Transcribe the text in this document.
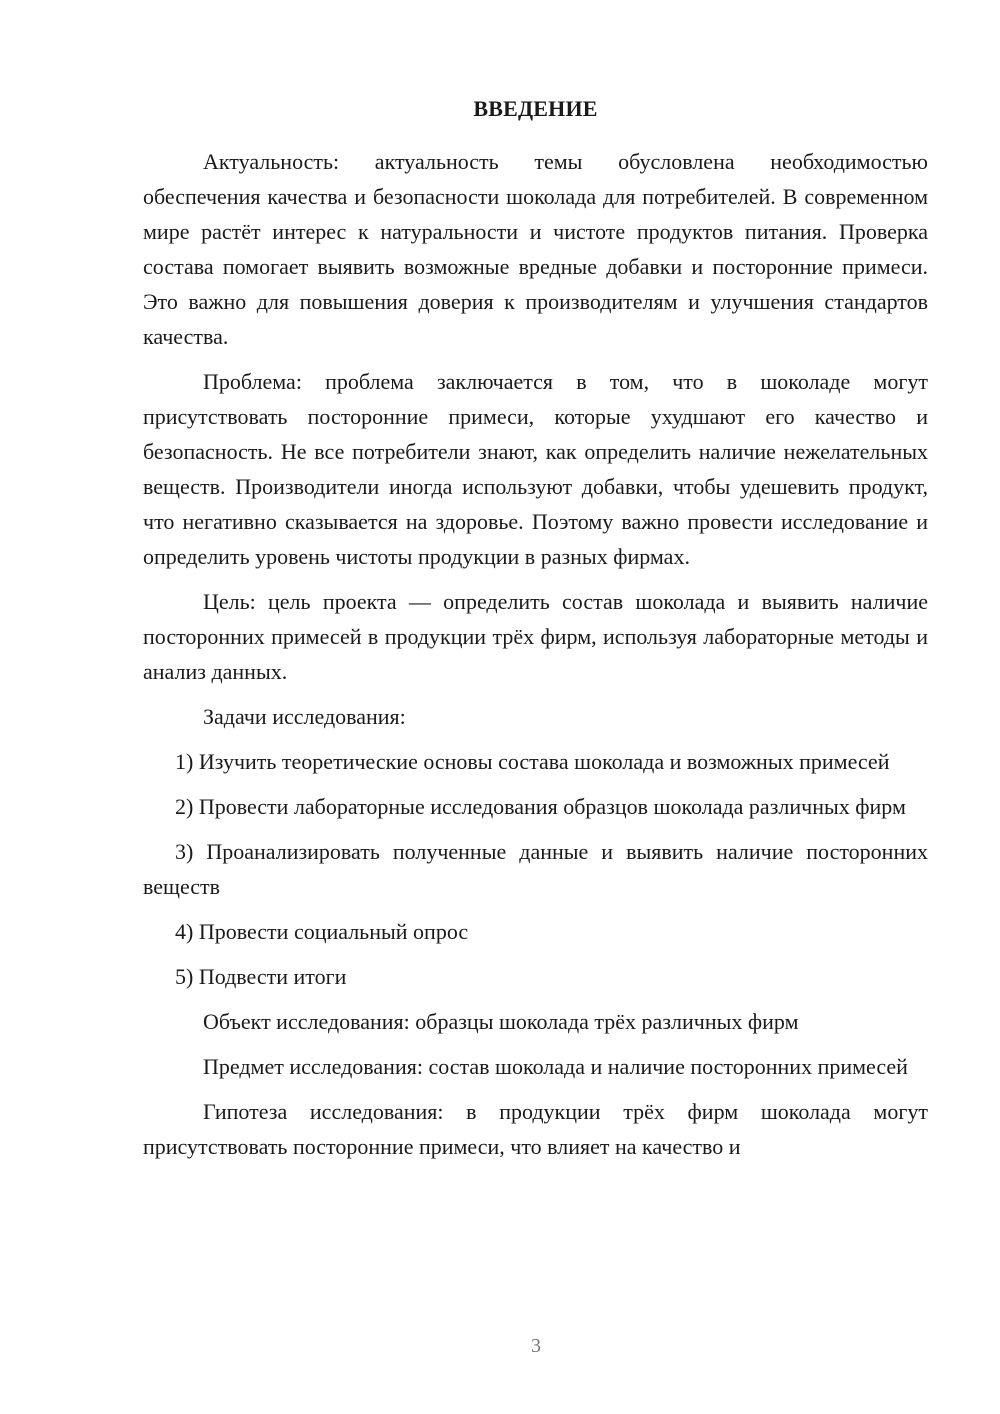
ВВЕДЕНИЕ

Актуальность: актуальность темы обусловлена необходимостью обеспечения качества и безопасности шоколада для потребителей. В современном мире растёт интерес к натуральности и чистоте продуктов питания. Проверка состава помогает выявить возможные вредные добавки и посторонние примеси. Это важно для повышения доверия к производителям и улучшения стандартов качества.

Проблема: проблема заключается в том, что в шоколаде могут присутствовать посторонние примеси, которые ухудшают его качество и безопасность. Не все потребители знают, как определить наличие нежелательных веществ. Производители иногда используют добавки, чтобы удешевить продукт, что негативно сказывается на здоровье. Поэтому важно провести исследование и определить уровень чистоты продукции в разных фирмах.

Цель: цель проекта — определить состав шоколада и выявить наличие посторонних примесей в продукции трёх фирм, используя лабораторные методы и анализ данных.

Задачи исследования:

1) Изучить теоретические основы состава шоколада и возможных примесей

2) Провести лабораторные исследования образцов шоколада различных фирм

3) Проанализировать полученные данные и выявить наличие посторонних веществ

4) Провести социальный опрос

5) Подвести итоги

Объект исследования: образцы шоколада трёх различных фирм

Предмет исследования: состав шоколада и наличие посторонних примесей

Гипотеза исследования: в продукции трёх фирм шоколада могут присутствовать посторонние примеси, что влияет на качество и

3
